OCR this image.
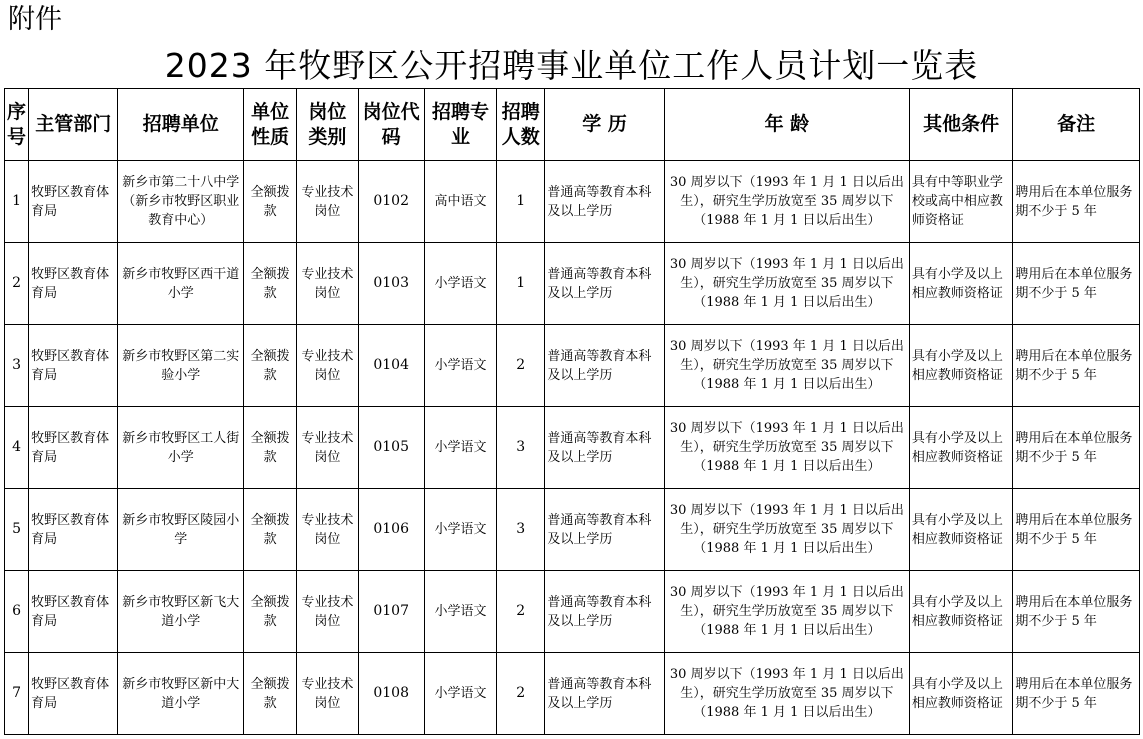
附件
2023 年牧野区公开招聘事业单位工作人员计划一览表
序号	主管部门	招聘单位	单位性质	岗位类别	岗位代码	招聘专业	招聘人数	学 历	年 龄	其他条件	备注
1	牧野区教育体育局	新乡市第二十八中学（新乡市牧野区职业教育中心）	全额拨款	专业技术岗位	0102	高中语文	1	普通高等教育本科及以上学历	30 周岁以下（1993 年 1 月 1 日以后出生），研究生学历放宽至 35 周岁以下（1988 年 1 月 1 日以后出生）	具有中等职业学校或高中相应教师资格证	聘用后在本单位服务期不少于 5 年
2	牧野区教育体育局	新乡市牧野区西干道小学	全额拨款	专业技术岗位	0103	小学语文	1	普通高等教育本科及以上学历	30 周岁以下（1993 年 1 月 1 日以后出生），研究生学历放宽至 35 周岁以下（1988 年 1 月 1 日以后出生）	具有小学及以上相应教师资格证	聘用后在本单位服务期不少于 5 年
3	牧野区教育体育局	新乡市牧野区第二实验小学	全额拨款	专业技术岗位	0104	小学语文	2	普通高等教育本科及以上学历	30 周岁以下（1993 年 1 月 1 日以后出生），研究生学历放宽至 35 周岁以下（1988 年 1 月 1 日以后出生）	具有小学及以上相应教师资格证	聘用后在本单位服务期不少于 5 年
4	牧野区教育体育局	新乡市牧野区工人街小学	全额拨款	专业技术岗位	0105	小学语文	3	普通高等教育本科及以上学历	30 周岁以下（1993 年 1 月 1 日以后出生），研究生学历放宽至 35 周岁以下（1988 年 1 月 1 日以后出生）	具有小学及以上相应教师资格证	聘用后在本单位服务期不少于 5 年
5	牧野区教育体育局	新乡市牧野区陵园小学	全额拨款	专业技术岗位	0106	小学语文	3	普通高等教育本科及以上学历	30 周岁以下（1993 年 1 月 1 日以后出生），研究生学历放宽至 35 周岁以下（1988 年 1 月 1 日以后出生）	具有小学及以上相应教师资格证	聘用后在本单位服务期不少于 5 年
6	牧野区教育体育局	新乡市牧野区新飞大道小学	全额拨款	专业技术岗位	0107	小学语文	2	普通高等教育本科及以上学历	30 周岁以下（1993 年 1 月 1 日以后出生），研究生学历放宽至 35 周岁以下（1988 年 1 月 1 日以后出生）	具有小学及以上相应教师资格证	聘用后在本单位服务期不少于 5 年
7	牧野区教育体育局	新乡市牧野区新中大道小学	全额拨款	专业技术岗位	0108	小学语文	2	普通高等教育本科及以上学历	30 周岁以下（1993 年 1 月 1 日以后出生），研究生学历放宽至 35 周岁以下（1988 年 1 月 1 日以后出生）	具有小学及以上相应教师资格证	聘用后在本单位服务期不少于 5 年
